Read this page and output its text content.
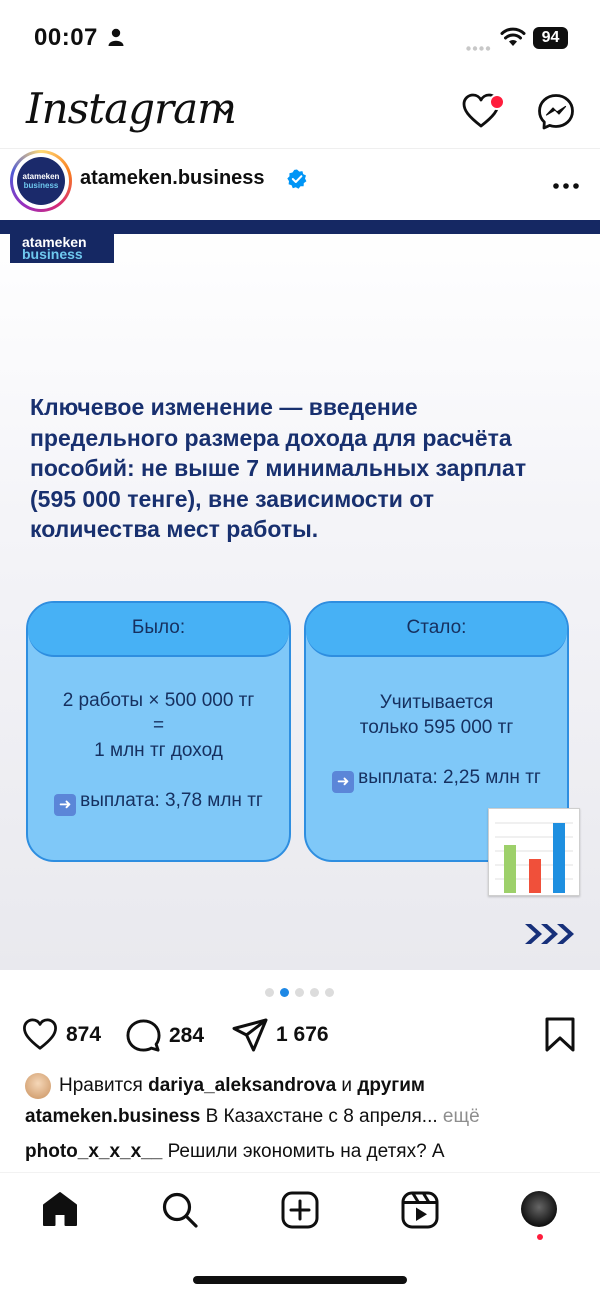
00:07	94
Instagram
atameken
business	atameken.business
atameken
business
Ключевое изменение — введение предельного размера дохода для расчёта пособий: не выше 7 минимальных зарплат (595 000 тенге), вне зависимости от количества мест работы.
Было:
2 работы × 500 000 тг
=
1 млн тг доход
➜ выплата: 3,78 млн тг
Стало:
Учитывается
только 595 000 тг
➜ выплата: 2,25 млн тг
874	284	1 676
Нравится dariya_aleksandrova и другим
atameken.business В Казахстане с 8 апреля... ещё
photo_x_x_x__ Решили экономить на детях? А
